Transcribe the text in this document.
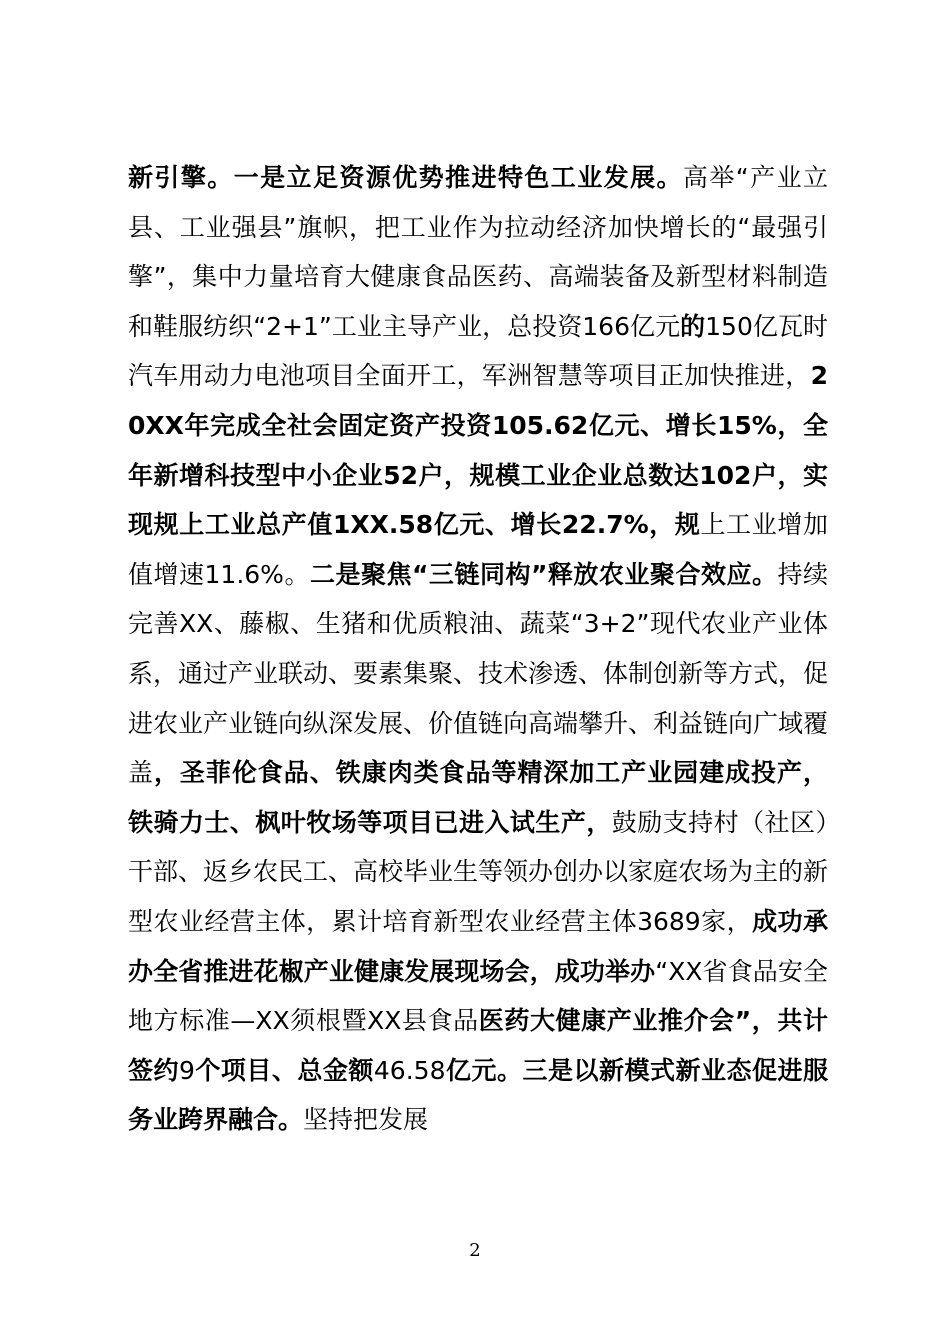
新引擎。一是立足资源优势推进特色工业发展。高举“产业立县、工业强县”旗帜，把工业作为拉动经济加快增长的“最强引擎”，集中力量培育大健康食品医药、高端装备及新型材料制造和鞋服纺织“2+1”工业主导产业，总投资166亿元的150亿瓦时汽车用动力电池项目全面开工，军洲智慧等项目正加快推进，20XX年完成全社会固定资产投资105.62亿元、增长15%，全年新增科技型中小企业52户，规模工业企业总数达102户，实现规上工业总产值1XX.58亿元、增长22.7%，规上工业增加值增速11.6%。二是聚焦“三链同构”释放农业聚合效应。持续完善XX、藤椒、生猪和优质粮油、蔬菜“3+2”现代农业产业体系，通过产业联动、要素集聚、技术渗透、体制创新等方式，促进农业产业链向纵深发展、价值链向高端攀升、利益链向广域覆盖，圣菲伦食品、铁康肉类食品等精深加工产业园建成投产，铁骑力士、枫叶牧场等项目已进入试生产，鼓励支持村（社区）干部、返乡农民工、高校毕业生等领办创办以家庭农场为主的新型农业经营主体，累计培育新型农业经营主体3689家，成功承办全省推进花椒产业健康发展现场会，成功举办“XX省食品安全地方标准—XX须根暨XX县食品医药大健康产业推介会”，共计签约9个项目、总金额46.58亿元。三是以新模式新业态促进服务业跨界融合。坚持把发展

2
